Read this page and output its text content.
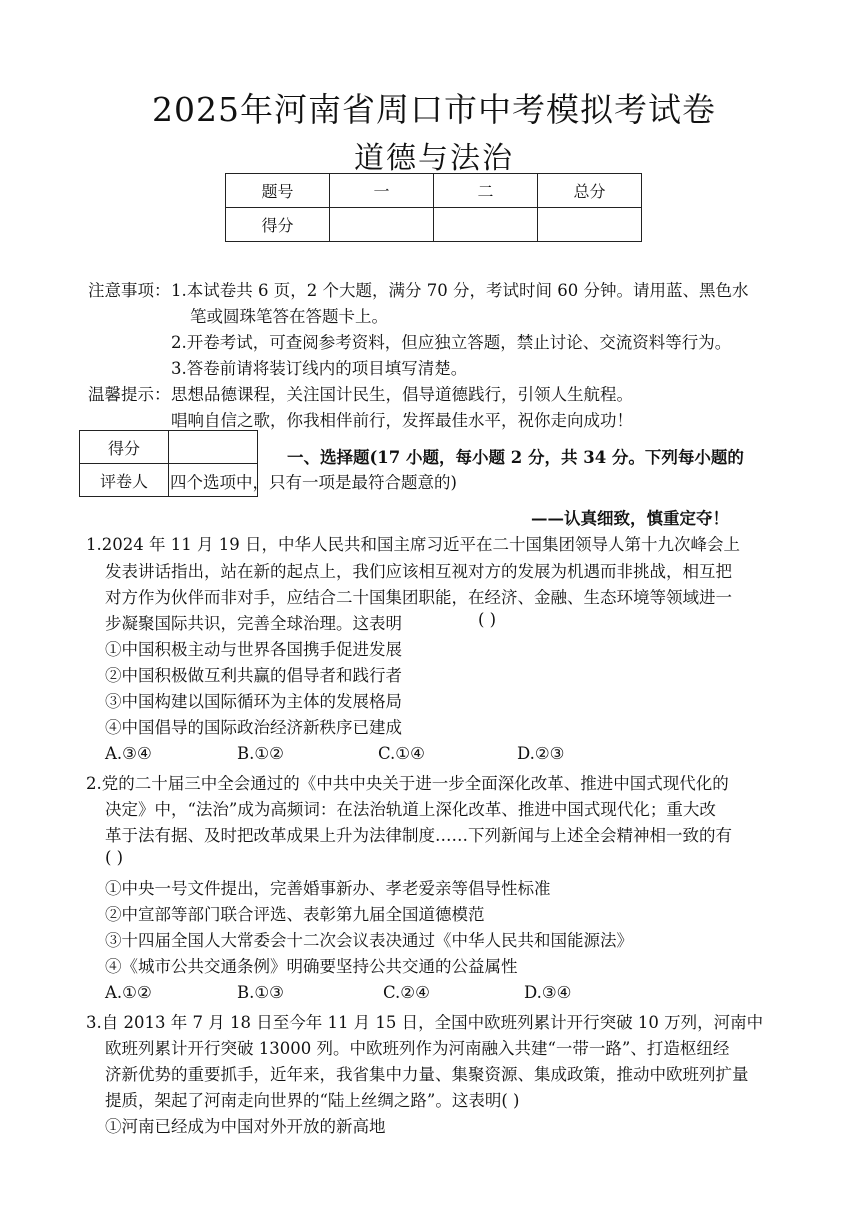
2025年河南省周口市中考模拟考试卷
道德与法治
题号	一	二	总分
得分			
注意事项： 1.本试卷共 6 页，2 个大题，满分 70 分，考试时间 60 分钟。请用蓝、黑色水
笔或圆珠笔答在答题卡上。
2.开卷考试，可查阅参考资料，但应独立答题，禁止讨论、交流资料等行为。
3.答卷前请将装订线内的项目填写清楚。
温馨提示： 思想品德课程，关注国计民生，倡导道德践行，引领人生航程。
唱响自信之歌，你我相伴前行，发挥最佳水平，祝你走向成功！
得分	
评卷人	
一、选择题(17 小题，每小题 2 分，共 34 分。下列每小题的
四个选项中，只有一项是最符合题意的)
——认真细致，慎重定夺！
1.2024 年 11 月 19 日，中华人民共和国主席习近平在二十国集团领导人第十九次峰会上
发表讲话指出，站在新的起点上，我们应该相互视对方的发展为机遇而非挑战，相互把
对方作为伙伴而非对手，应结合二十国集团职能，在经济、金融、生态环境等领域进一
步凝聚国际共识，完善全球治理。这表明	( )
①中国积极主动与世界各国携手促进发展
②中国积极做互利共赢的倡导者和践行者
③中国构建以国际循环为主体的发展格局
④中国倡导的国际政治经济新秩序已建成
A.③④	B.①②	C.①④	D.②③
2.党的二十届三中全会通过的《中共中央关于进一步全面深化改革、推进中国式现代化的
决定》中，“法治”成为高频词：在法治轨道上深化改革、推进中国式现代化；重大改
革于法有据、及时把改革成果上升为法律制度……下列新闻与上述全会精神相一致的有
( )
①中央一号文件提出，完善婚事新办、孝老爱亲等倡导性标准
②中宣部等部门联合评选、表彰第九届全国道德模范
③十四届全国人大常委会十二次会议表决通过《中华人民共和国能源法》
④《城市公共交通条例》明确要坚持公共交通的公益属性
A.①②	B.①③	C.②④	D.③④
3.自 2013 年 7 月 18 日至今年 11 月 15 日，全国中欧班列累计开行突破 10 万列，河南中
欧班列累计开行突破 13000 列。中欧班列作为河南融入共建“一带一路”、打造枢纽经
济新优势的重要抓手，近年来，我省集中力量、集聚资源、集成政策，推动中欧班列扩量
提质，架起了河南走向世界的“陆上丝绸之路”。这表明( )
①河南已经成为中国对外开放的新高地
